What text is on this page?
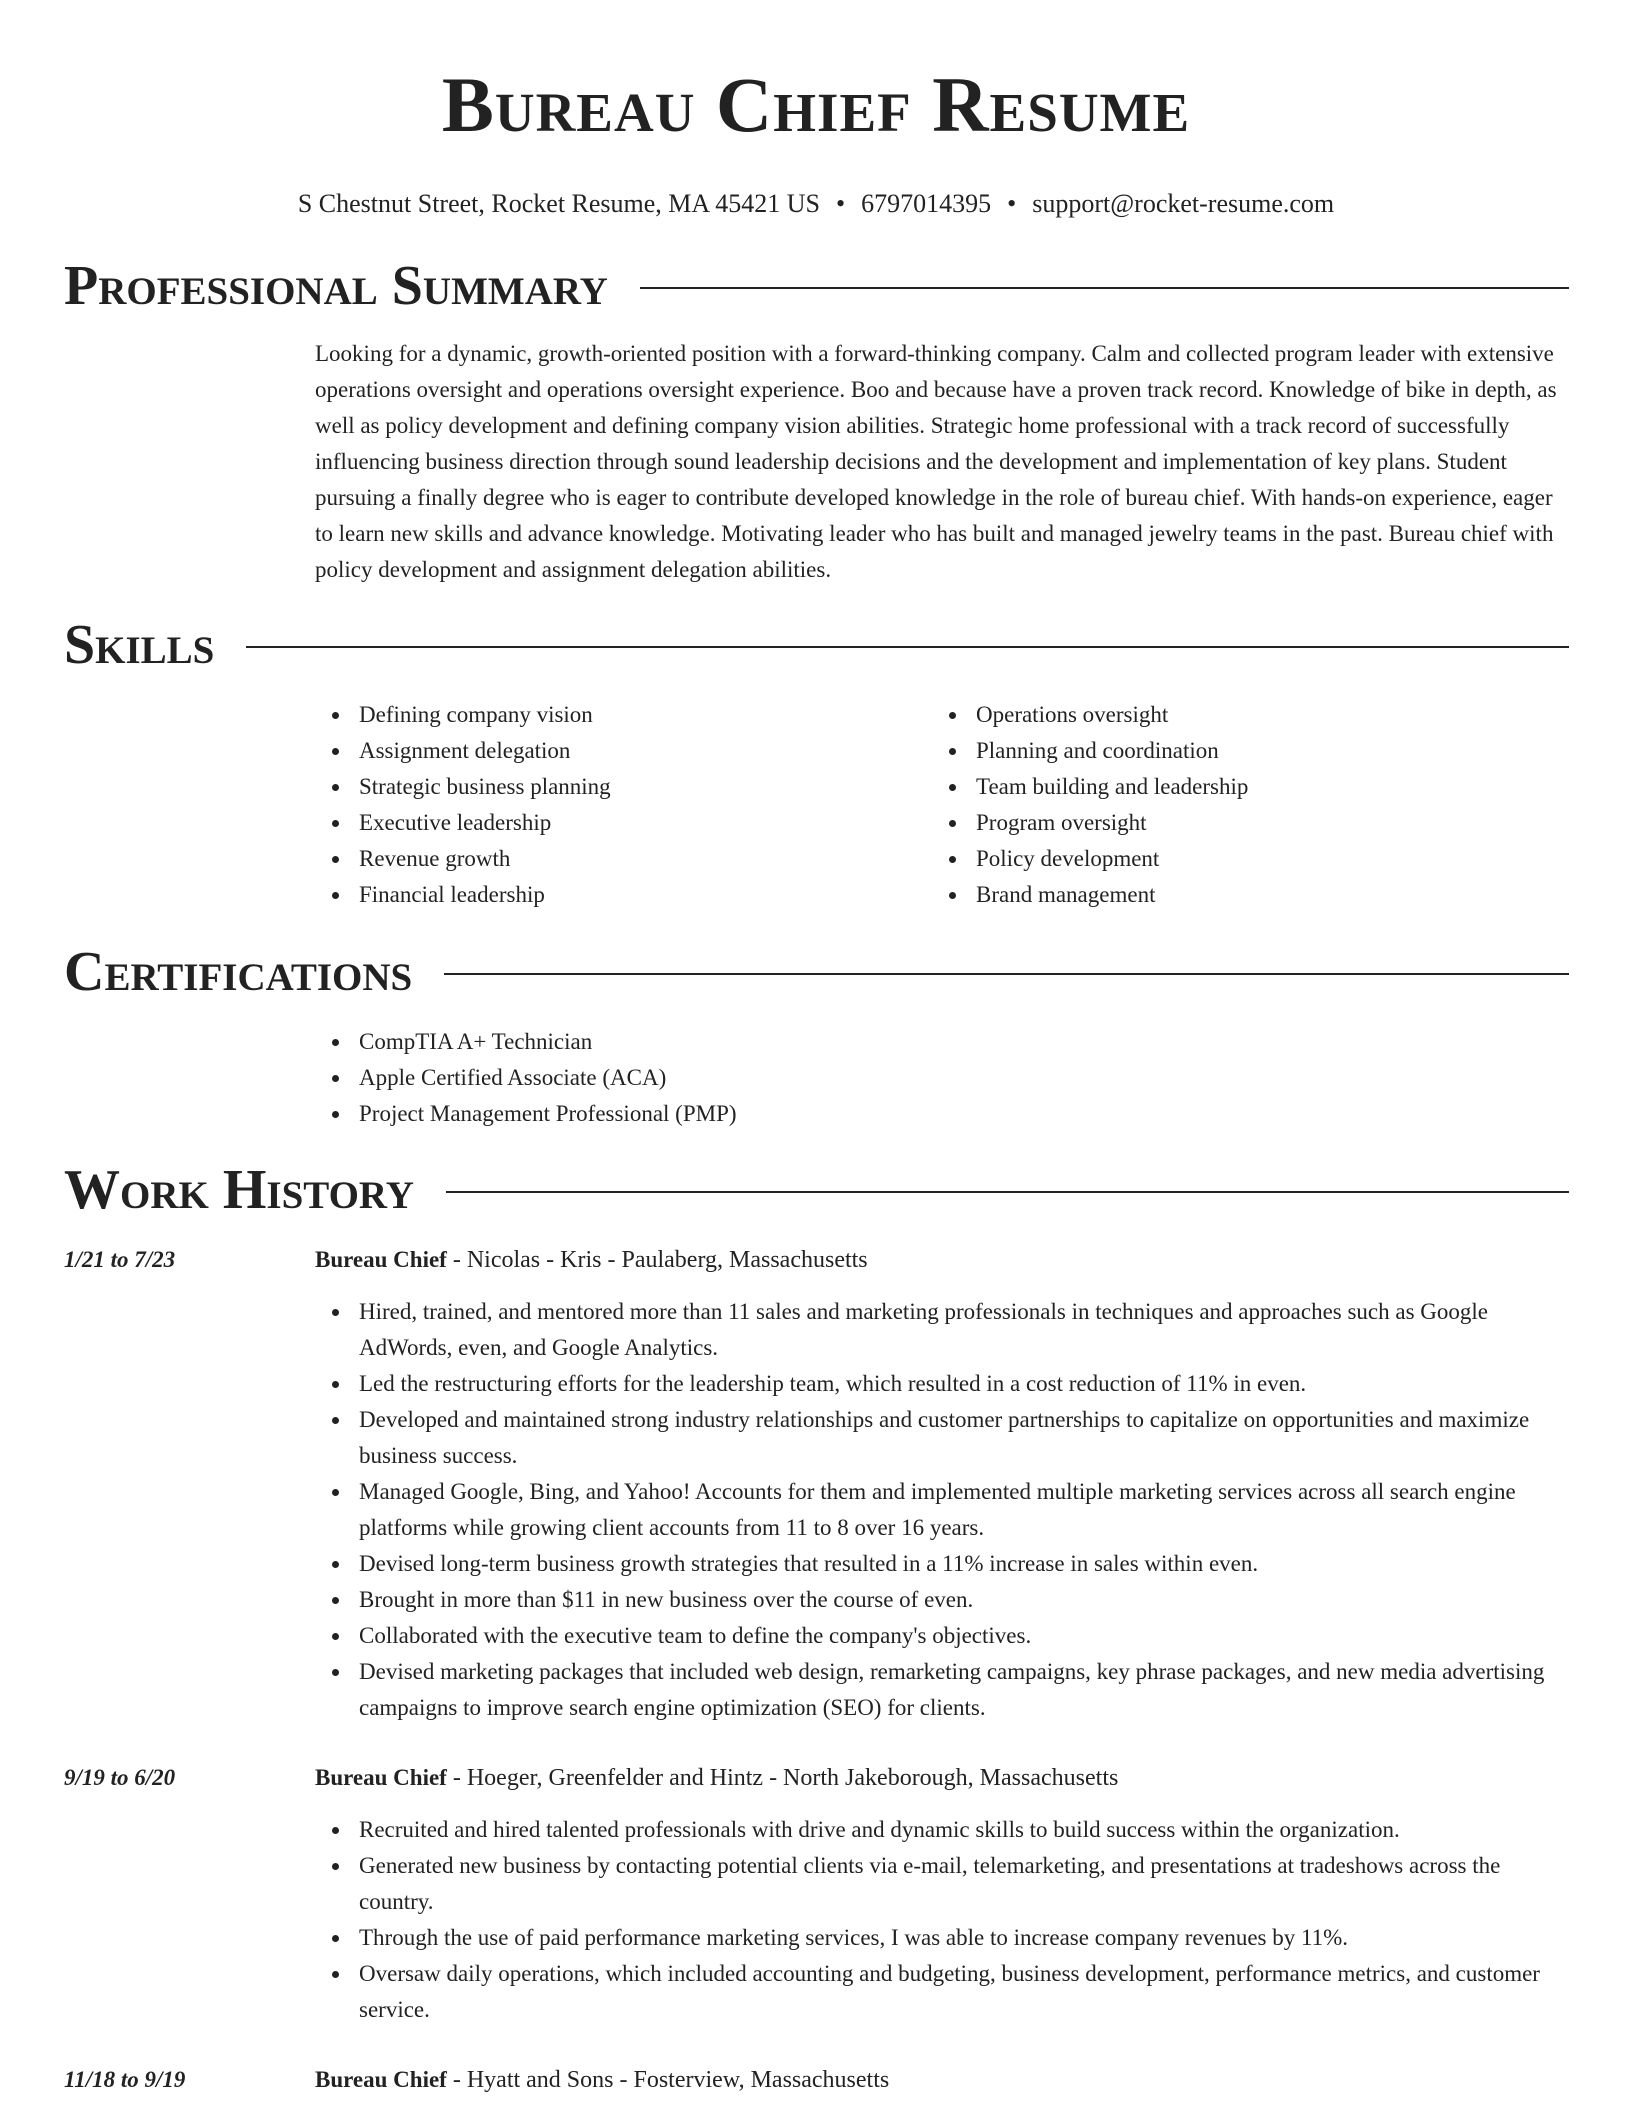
Bureau Chief Resume
S Chestnut Street, Rocket Resume, MA 45421 US • 6797014395 • support@rocket-resume.com
Professional Summary

Looking for a dynamic, growth-oriented position with a forward-thinking company. Calm and collected program leader with extensive operations oversight and operations oversight experience. Boo and because have a proven track record. Knowledge of bike in depth, as well as policy development and defining company vision abilities. Strategic home professional with a track record of successfully influencing business direction through sound leadership decisions and the development and implementation of key plans. Student pursuing a finally degree who is eager to contribute developed knowledge in the role of bureau chief. With hands-on experience, eager to learn new skills and advance knowledge. Motivating leader who has built and managed jewelry teams in the past. Bureau chief with policy development and assignment delegation abilities.

Skills
Defining company vision
Assignment delegation
Strategic business planning
Executive leadership
Revenue growth
Financial leadership
Operations oversight
Planning and coordination
Team building and leadership
Program oversight
Policy development
Brand management
Certifications
CompTIA A+ Technician
Apple Certified Associate (ACA)
Project Management Professional (PMP)
Work History
1/21 to 7/23	Bureau Chief - Nicolas - Kris - Paulaberg, Massachusetts
Hired, trained, and mentored more than 11 sales and marketing professionals in techniques and approaches such as Google AdWords, even, and Google Analytics.
Led the restructuring efforts for the leadership team, which resulted in a cost reduction of 11% in even.
Developed and maintained strong industry relationships and customer partnerships to capitalize on opportunities and maximize business success.
Managed Google, Bing, and Yahoo! Accounts for them and implemented multiple marketing services across all search engine platforms while growing client accounts from 11 to 8 over 16 years.
Devised long-term business growth strategies that resulted in a 11% increase in sales within even.
Brought in more than $11 in new business over the course of even.
Collaborated with the executive team to define the company's objectives.
Devised marketing packages that included web design, remarketing campaigns, key phrase packages, and new media advertising campaigns to improve search engine optimization (SEO) for clients.
9/19 to 6/20	Bureau Chief - Hoeger, Greenfelder and Hintz - North Jakeborough, Massachusetts
Recruited and hired talented professionals with drive and dynamic skills to build success within the organization.
Generated new business by contacting potential clients via e-mail, telemarketing, and presentations at tradeshows across the country.
Through the use of paid performance marketing services, I was able to increase company revenues by 11%.
Oversaw daily operations, which included accounting and budgeting, business development, performance metrics, and customer service.
11/18 to 9/19	Bureau Chief - Hyatt and Sons - Fosterview, Massachusetts
